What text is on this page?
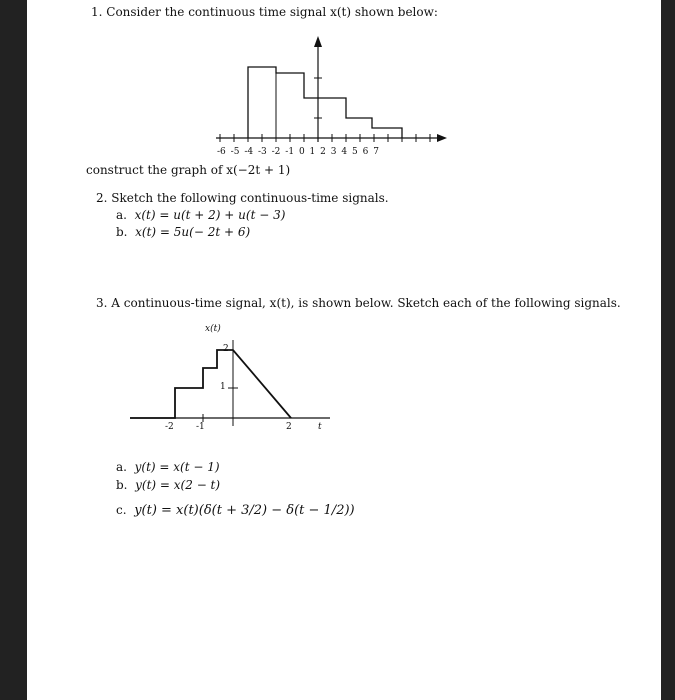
1. Consider the continuous time signal x(t) shown below:
-6 -5 -4 -3 -2 -1 0 1 2 3 4 5 6 7
construct the graph of x(−2t + 1)
2. Sketch the following continuous-time signals.
a. x(t) = u(t + 2) + u(t − 3)
b. x(t) = 5u(− 2t + 6)
3. A continuous-time signal, x(t), is shown below. Sketch each of the following signals.
x(t)
2
1
-2 -1	2	t
a. y(t) = x(t − 1)
b. y(t) = x(2 − t)
c. y(t) = x(t)(δ(t + 3/2) − δ(t − 1/2))
